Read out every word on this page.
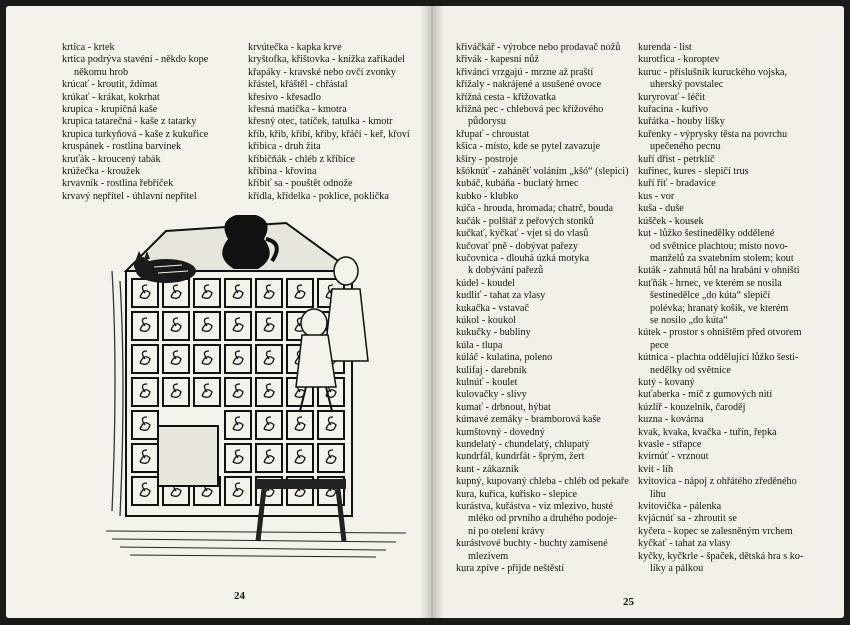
krtica - krtek
krtica podrýva stavéní - někdo kope
někomu hrob
krúcať - kroutit, ždímat
krúkať - krákat, kokrhat
krupica - krupičná kaše
krupica tatarečná - kaše z tatarky
krupica turkyňová - kaše z kukuřice
kruspánek - rostlina barvínek
kruťák - kroucený tabák
krúžečka - kroužek
krvavník - rostlina řebříček
krvavý nepřítel - úhlavní nepřítel
krvútečka - kapka krve
kryštofka, křištovka - knížka zaříkadel
křapáky - kravské nebo ovčí zvonky
křástel, křáštěl - chřástal
křesivo - křesadlo
křesná matička - kmotra
křesný otec, tatíček, tatulka - kmotr
kříb, křib, kříbí, kříby, křáčí - keř, křoví
kříbica - druh žita
kříbičňák - chléb z kříbice
kříbina - křovina
kříbiť sa - pouštět odnože
křídla, křídelka - poklice, poklička
křiváčkář - výrobce nebo prodavač nožů
křivák - kapesní nůž
křivánci vrzgajú - mrzne až praští
křížaly - nakrájené a usušené ovoce
křížná cesta - křižovatka
křížná pec - chlebová pec křížového
půdorysu
křupať - chroustat
kšica - místo, kde se pytel zavazuje
kšíry - postroje
kšóknúť - zaháněť voláním „kšó“ (slepici)
kubáč, kubáňa - buclatý hrnec
kubko - klubko
kúča - hrouda, hromada; chatrč, bouda
kučák - polštář z peřových stonků
kučkať, kyčkať - vjet si do vlasů
kučovať pně - dobývat pařezy
kučovnica - dlouhá úzká motyka
k dobývání pařezů
kúdel - koudel
kudliť - tahat za vlasy
kukačka - vstavač
kúkol - koukol
kukučky - bubliny
kúla - tlupa
kúláč - kulatina, poleno
kulifaj - darebník
kulnúť - koulet
kulovačky - slívy
kumať - drbnout, hýbat
kúmavé zemáky - bramborová kaše
kumštovný - dovedný
kundelatý - chundelatý, chlupatý
kundrfál, kundrfát - šprým, žert
kunt - zákazník
kupný, kupovaný chleba - chléb od pekaře
kura, kuřica, kuřisko - slepice
kurástva, kuřástva - viz mlezivo, husté
mléko od prvního a druhého podoje-
ní po otelení krávy
kurástvové buchty - buchty zamisené
mlezivem
kura zpíve - přijde neštěstí
kurenda - list
kurotfica - koroptev
kuruc - příslušník kuruckého vojska,
uherský povstalec
kuryrovať - léčit
kuřacina - kuřivo
kuřátka - houby lišky
kuřenky - výprysky těsta na povrchu
upečeného pecnu
kuří dříst - petrklíč
kuřinec, kures - slepičí trus
kuří říť - bradavice
kus - vor
kuša - duše
kúšček - kousek
kut - lůžko šestinedělky oddělené
od světnice plachtou; místo novo-
manželů za svatebním stolem; kout
kuták - zahnutá hůl na hrabání v ohništi
kuťňák - hrnec, ve kterém se nosila
šestinedělce „do kúta“ slepičí
polévka; hranatý košík, ve kterém
se nosilo „do kúta“
kútek - prostor s ohništěm před otvorem
pece
kútnica - plachta oddělující lůžko šesti-
nedělky od světnice
kutý - kovaný
kuťaberka - míč z gumových nití
kúzlíř - kouzelník, čaroděj
kuzna - kovárna
kvak, kvaka, kvačka - tuřín, řepka
kvasle - střapce
kvirnúť - vrznout
kvit - líh
kvitovica - nápoj z ohřátého zředěného
lihu
kvitovička - pálenka
kvjácnúť sa - zhroutit se
kyčera - kopec se zalesněným vrchem
kyčkať - tahat za vlasy
kyčky, kyčkrle - špaček, dětská hra s ko-
líky a pálkou
24	25
